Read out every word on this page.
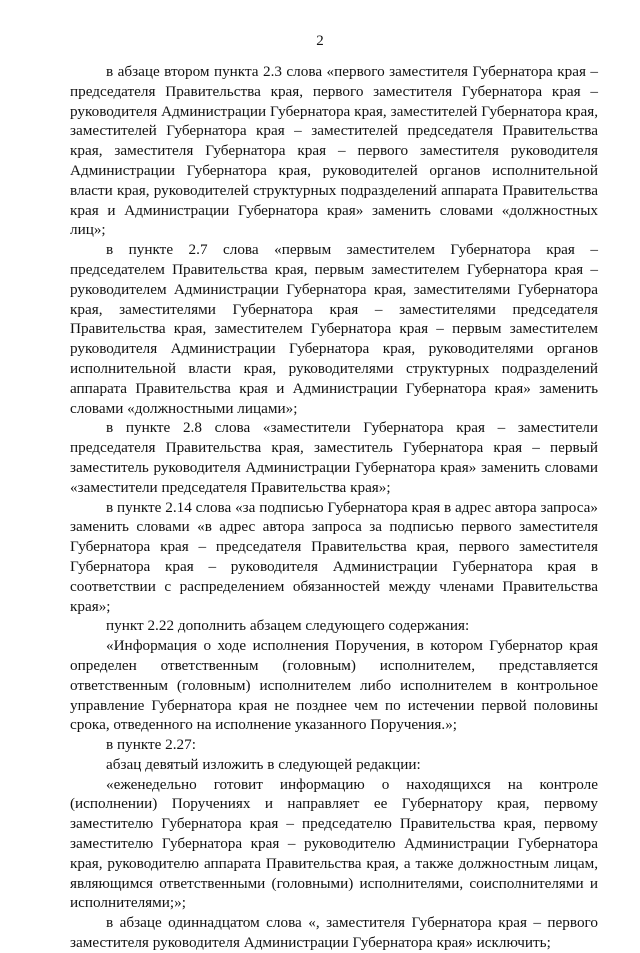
2

в абзаце втором пункта 2.3 слова «первого заместителя Губернатора края – председателя Правительства края, первого заместителя Губернатора края – руководителя Администрации Губернатора края, заместителей Губернатора края, заместителей Губернатора края – заместителей председателя Правительства края, заместителя Губернатора края – первого заместителя руководителя Администрации Губернатора края, руководителей органов исполнительной власти края, руководителей структурных подразделений аппарата Правительства края и Администрации Губернатора края» заменить словами «должностных лиц»;

в пункте 2.7 слова «первым заместителем Губернатора края – председателем Правительства края, первым заместителем Губернатора края – руководителем Администрации Губернатора края, заместителями Губернатора края, заместителями Губернатора края – заместителями председателя Правительства края, заместителем Губернатора края – первым заместителем руководителя Администрации Губернатора края, руководителями органов исполнительной власти края, руководителями структурных подразделений аппарата Правительства края и Администрации Губернатора края» заменить словами «должностными лицами»;

в пункте 2.8 слова «заместители Губернатора края – заместители председателя Правительства края, заместитель Губернатора края – первый заместитель руководителя Администрации Губернатора края» заменить словами «заместители председателя Правительства края»;

в пункте 2.14 слова «за подписью Губернатора края в адрес автора запроса» заменить словами «в адрес автора запроса за подписью первого заместителя Губернатора края – председателя Правительства края, первого заместителя Губернатора края – руководителя Администрации Губернатора края в соответствии с распределением обязанностей между членами Правительства края»;

пункт 2.22 дополнить абзацем следующего содержания:

«Информация о ходе исполнения Поручения, в котором Губернатор края определен ответственным (головным) исполнителем, представляется ответственным (головным) исполнителем либо исполнителем в контрольное управление Губернатора края не позднее чем по истечении первой половины срока, отведенного на исполнение указанного Поручения.»;

в пункте 2.27:

абзац девятый изложить в следующей редакции:

«еженедельно готовит информацию о находящихся на контроле (исполнении) Поручениях и направляет ее Губернатору края, первому заместителю Губернатора края – председателю Правительства края, первому заместителю Губернатора края – руководителю Администрации Губернатора края, руководителю аппарата Правительства края, а также должностным лицам, являющимся ответственными (головными) исполнителями, соисполнителями и исполнителями;»;

в абзаце одиннадцатом слова «, заместителя Губернатора края – первого заместителя руководителя Администрации Губернатора края» исключить;
